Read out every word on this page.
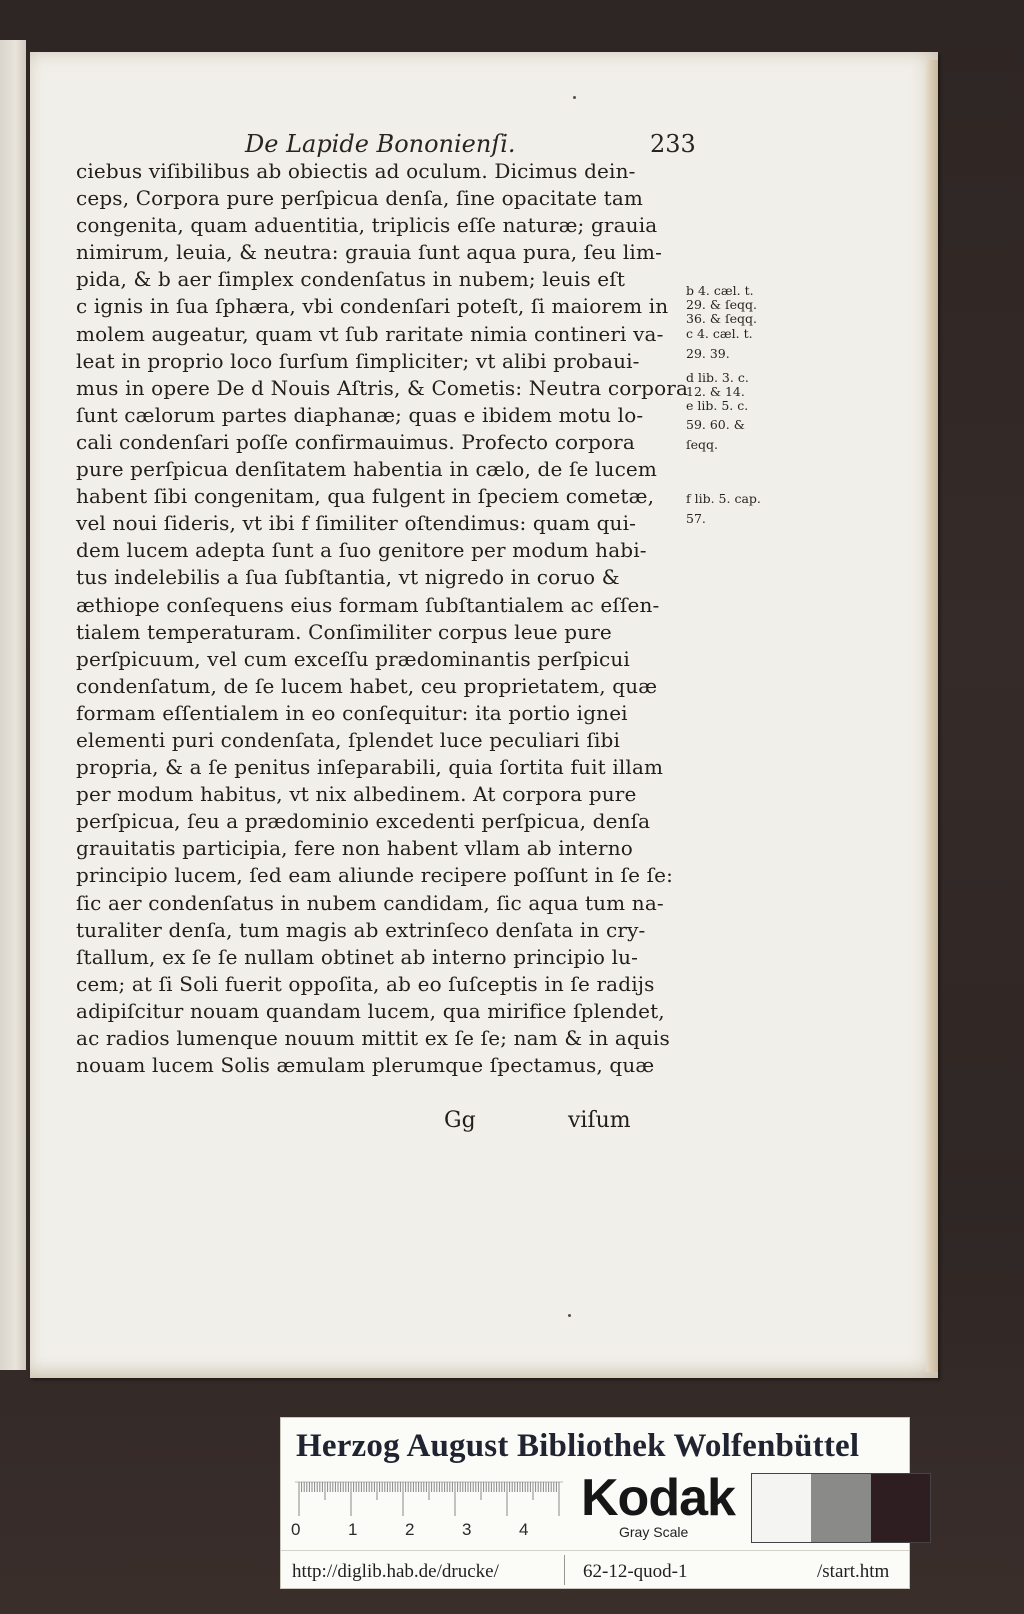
De Lapide Bononienſi.	233
ciebus viſibilibus ab obiectis ad oculum. Dicimus dein-
ceps, Corpora pure perſpicua denſa, ſine opacitate tam
congenita, quam aduentitia, triplicis eſſe naturæ; grauia
nimirum, leuia, & neutra: grauia ſunt aqua pura, ſeu lim-
pida, & b aer ſimplex condenſatus in nubem; leuis eſt
c ignis in ſua ſphæra, vbi condenſari poteſt, ſi maiorem in
molem augeatur, quam vt ſub raritate nimia contineri va-
leat in proprio loco ſurſum ſimpliciter; vt alibi probaui-
mus in opere De d Nouis Aſtris, & Cometis: Neutra corpora
ſunt cælorum partes diaphanæ; quas e ibidem motu lo-
cali condenſari poſſe confirmauimus. Profecto corpora
pure perſpicua denſitatem habentia in cælo, de ſe lucem
habent ſibi congenitam, qua fulgent in ſpeciem cometæ,
vel noui ſideris, vt ibi f ſimiliter oſtendimus: quam qui-
dem lucem adepta ſunt a ſuo genitore per modum habi-
tus indelebilis a ſua ſubſtantia, vt nigredo in coruo &
æthiope conſequens eius formam ſubſtantialem ac eſſen-
tialem temperaturam. Conſimiliter corpus leue pure
perſpicuum, vel cum exceſſu prædominantis perſpicui
condenſatum, de ſe lucem habet, ceu proprietatem, quæ
formam eſſentialem in eo conſequitur: ita portio ignei
elementi puri condenſata, ſplendet luce peculiari ſibi
propria, & a ſe penitus inſeparabili, quia ſortita fuit illam
per modum habitus, vt nix albedinem. At corpora pure
perſpicua, ſeu a prædominio excedenti perſpicua, denſa
grauitatis participia, fere non habent vllam ab interno
principio lucem, ſed eam aliunde recipere poſſunt in ſe ſe:
ſic aer condenſatus in nubem candidam, ſic aqua tum na-
turaliter denſa, tum magis ab extrinſeco denſata in cry-
ſtallum, ex ſe ſe nullam obtinet ab interno principio lu-
cem; at ſi Soli fuerit oppoſita, ab eo ſuſceptis in ſe radijs
adipiſcitur nouam quandam lucem, qua mirifice ſplendet,
ac radios lumenque nouum mittit ex ſe ſe; nam & in aquis
nouam lucem Solis æmulam plerumque ſpectamus, quæ
b 4. cæl. t.
29. & ſeqq.
36. & ſeqq.
c 4. cæl. t.
29. 39.
d lib. 3. c.
12. & 14.
e lib. 5. c.
59. 60. &
ſeqq.
f lib. 5. cap.
57.
Gg	viſum
Herzog August Bibliothek Wolfenbüttel
0	1	2	3	4
Kodak
Gray Scale
http://diglib.hab.de/drucke/	62-12-quod-1	/start.htm
